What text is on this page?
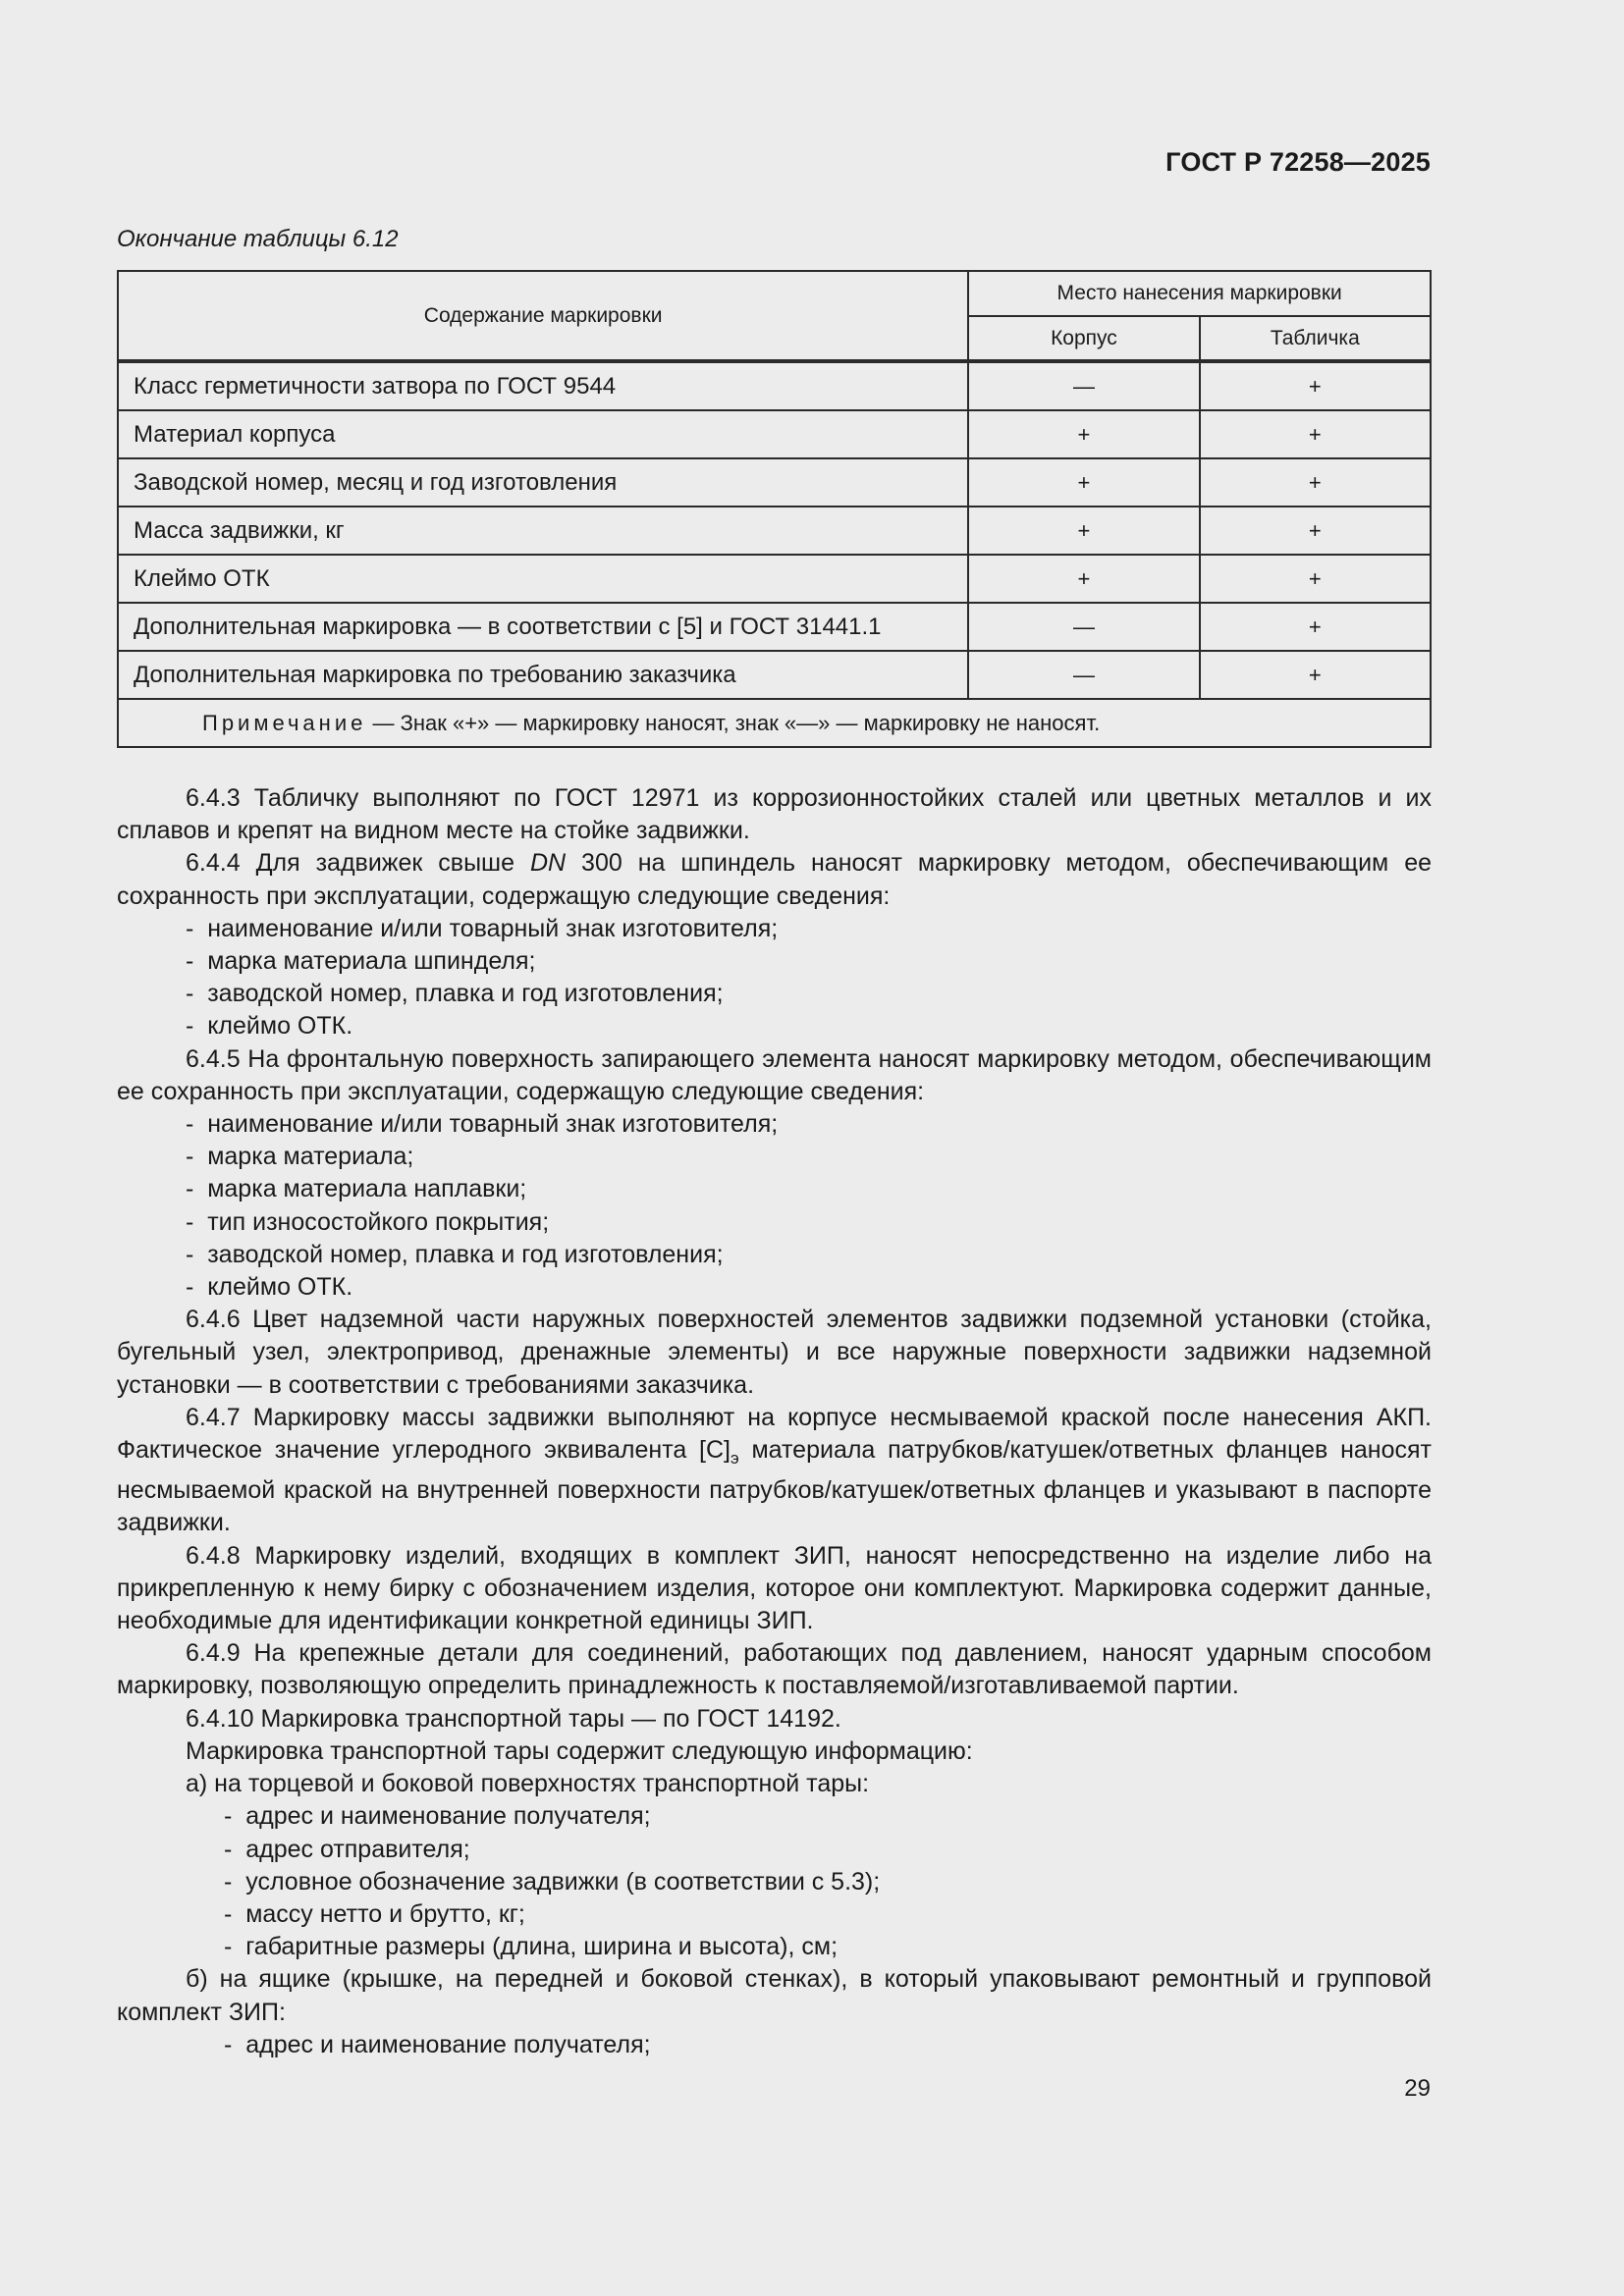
ГОСТ Р 72258—2025
Окончание таблицы 6.12
Содержание маркировки	Место нанесения маркировки	
	Корпус	Табличка
Класс герметичности затвора по ГОСТ 9544	—	+
Материал корпуса	+	+
Заводской номер, месяц и год изготовления	+	+
Масса задвижки, кг	+	+
Клеймо ОТК	+	+
Дополнительная маркировка — в соответствии с [5] и ГОСТ 31441.1	—	+
Дополнительная маркировка по требованию заказчика	—	+
Примечание — Знак «+» — маркировку наносят, знак «—» — маркировку не наносят.		

6.4.3 Табличку выполняют по ГОСТ 12971 из коррозионностойких сталей или цветных металлов и их сплавов и крепят на видном месте на стойке задвижки.

6.4.4 Для задвижек свыше DN 300 на шпиндель наносят маркировку методом, обеспечивающим ее сохранность при эксплуатации, содержащую следующие сведения:

-  наименование и/или товарный знак изготовителя;

-  марка материала шпинделя;

-  заводской номер, плавка и год изготовления;

-  клеймо ОТК.

6.4.5 На фронтальную поверхность запирающего элемента наносят маркировку методом, обеспечивающим ее сохранность при эксплуатации, содержащую следующие сведения:

-  наименование и/или товарный знак изготовителя;

-  марка материала;

-  марка материала наплавки;

-  тип износостойкого покрытия;

-  заводской номер, плавка и год изготовления;

-  клеймо ОТК.

6.4.6 Цвет надземной части наружных поверхностей элементов задвижки подземной установки (стойка, бугельный узел, электропривод, дренажные элементы) и все наружные поверхности задвижки надземной установки — в соответствии с требованиями заказчика.

6.4.7 Маркировку массы задвижки выполняют на корпусе несмываемой краской после нанесения АКП. Фактическое значение углеродного эквивалента $[С]_э$ материала патрубков/катушек/ответных фланцев наносят несмываемой краской на внутренней поверхности патрубков/катушек/ответных фланцев и указывают в паспорте задвижки.

6.4.8 Маркировку изделий, входящих в комплект ЗИП, наносят непосредственно на изделие либо на прикрепленную к нему бирку с обозначением изделия, которое они комплектуют. Маркировка содержит данные, необходимые для идентификации конкретной единицы ЗИП.

6.4.9 На крепежные детали для соединений, работающих под давлением, наносят ударным способом маркировку, позволяющую определить принадлежность к поставляемой/изготавливаемой партии.

6.4.10 Маркировка транспортной тары — по ГОСТ 14192.

Маркировка транспортной тары содержит следующую информацию:

а) на торцевой и боковой поверхностях транспортной тары:

-  адрес и наименование получателя;

-  адрес отправителя;

-  условное обозначение задвижки (в соответствии с 5.3);

-  массу нетто и брутто, кг;

-  габаритные размеры (длина, ширина и высота), см;

б) на ящике (крышке, на передней и боковой стенках), в который упаковывают ремонтный и групповой комплект ЗИП:

-  адрес и наименование получателя;

29
